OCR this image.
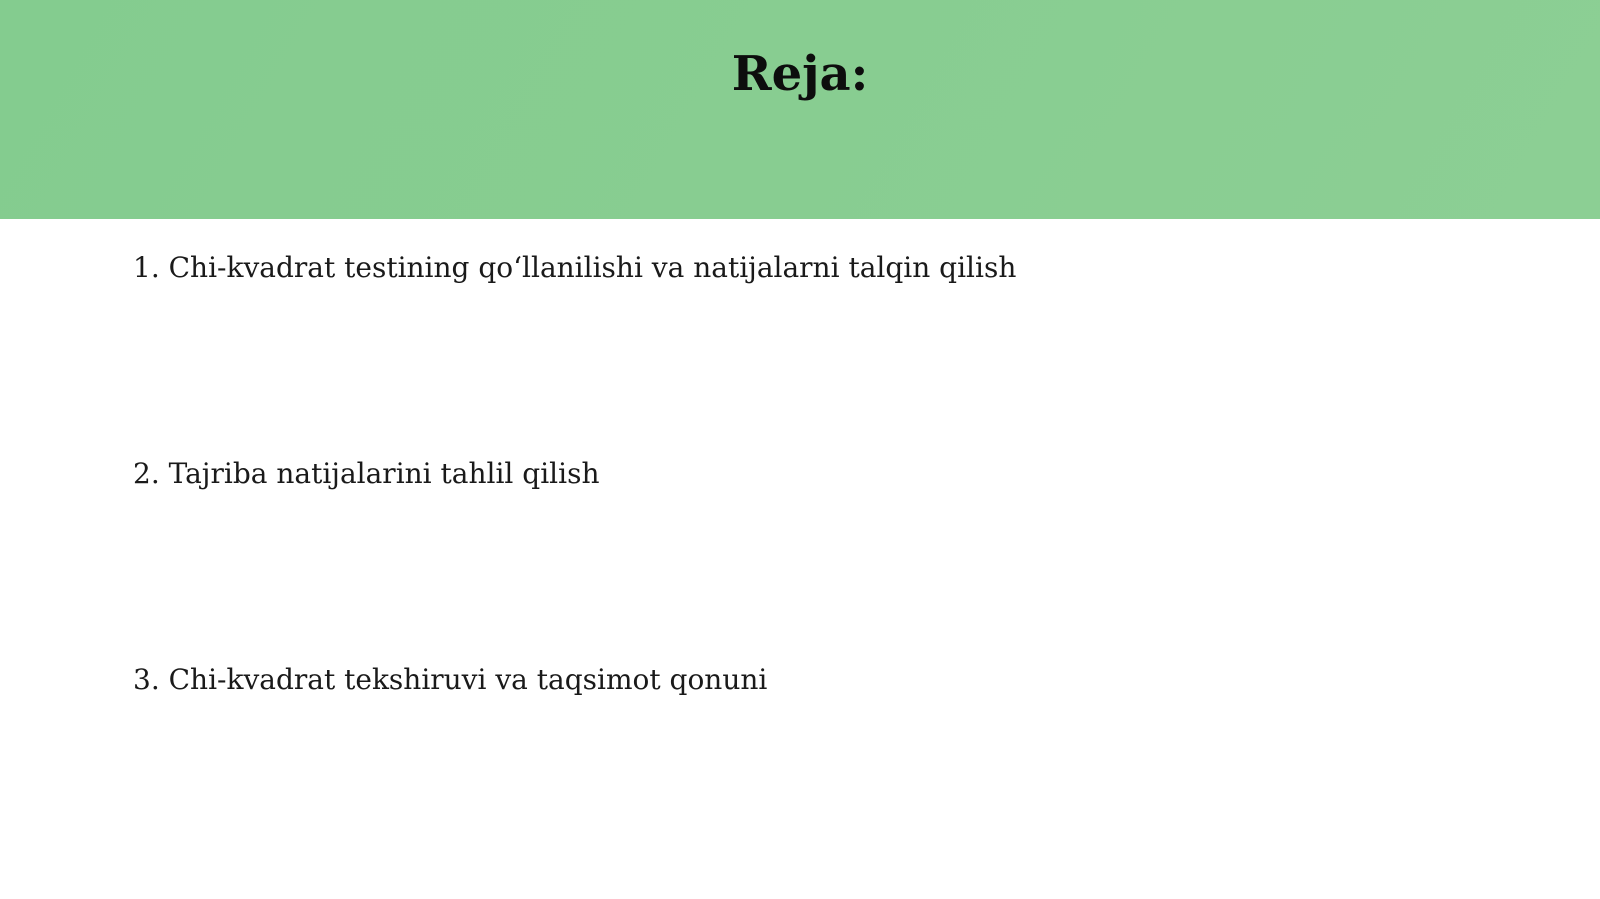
Reja:
1. Chi-kvadrat testining qo‘llanilishi va natijalarni talqin qilish
2. Tajriba natijalarini tahlil qilish
3. Chi-kvadrat tekshiruvi va taqsimot qonuni
